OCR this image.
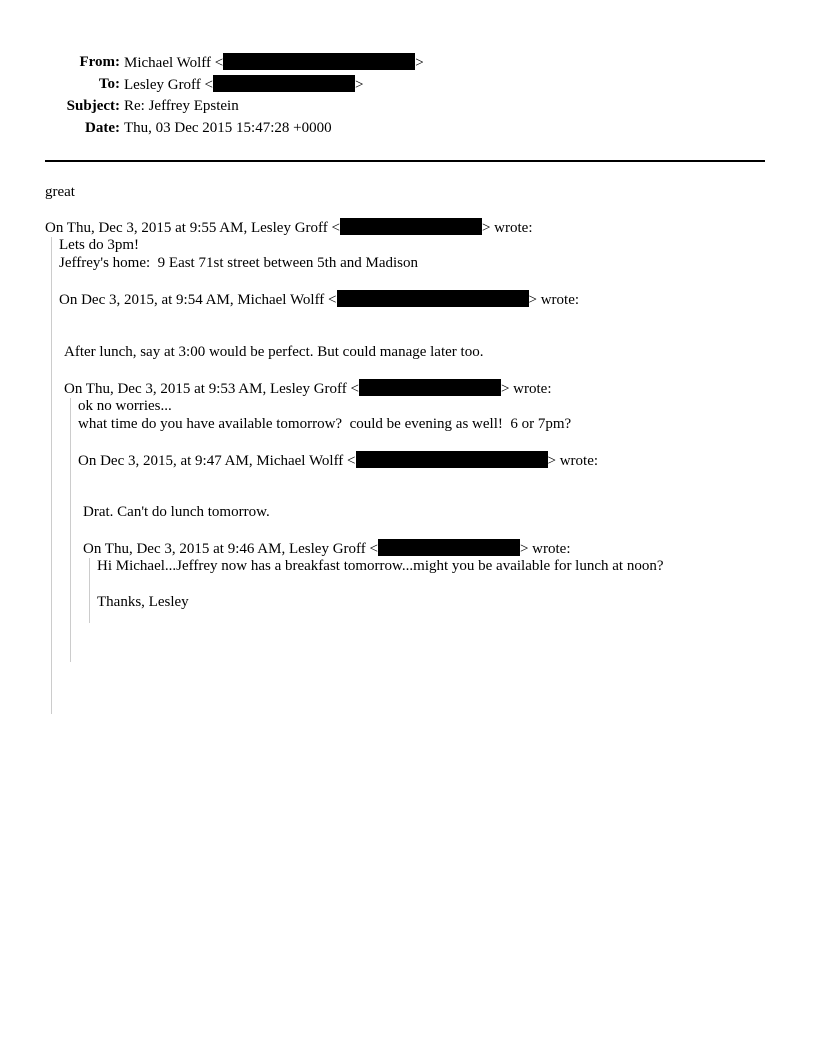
From: Michael Wolff <	>
To: Lesley Groff <	>
Subject: Re: Jeffrey Epstein
Date: Thu, 03 Dec 2015 15:47:28 +0000
great
On Thu, Dec 3, 2015 at 9:55 AM, Lesley Groff <	> wrote:
Lets do 3pm!
Jeffrey's home:  9 East 71st street between 5th and Madison
On Dec 3, 2015, at 9:54 AM, Michael Wolff <	> wrote:
After lunch, say at 3:00 would be perfect. But could manage later too.
On Thu, Dec 3, 2015 at 9:53 AM, Lesley Groff <	> wrote:
ok no worries...
what time do you have available tomorrow?  could be evening as well!  6 or 7pm?
On Dec 3, 2015, at 9:47 AM, Michael Wolff <	> wrote:
Drat. Can't do lunch tomorrow.
On Thu, Dec 3, 2015 at 9:46 AM, Lesley Groff <	> wrote:
Hi Michael...Jeffrey now has a breakfast tomorrow...might you be available for lunch at noon?
Thanks, Lesley
